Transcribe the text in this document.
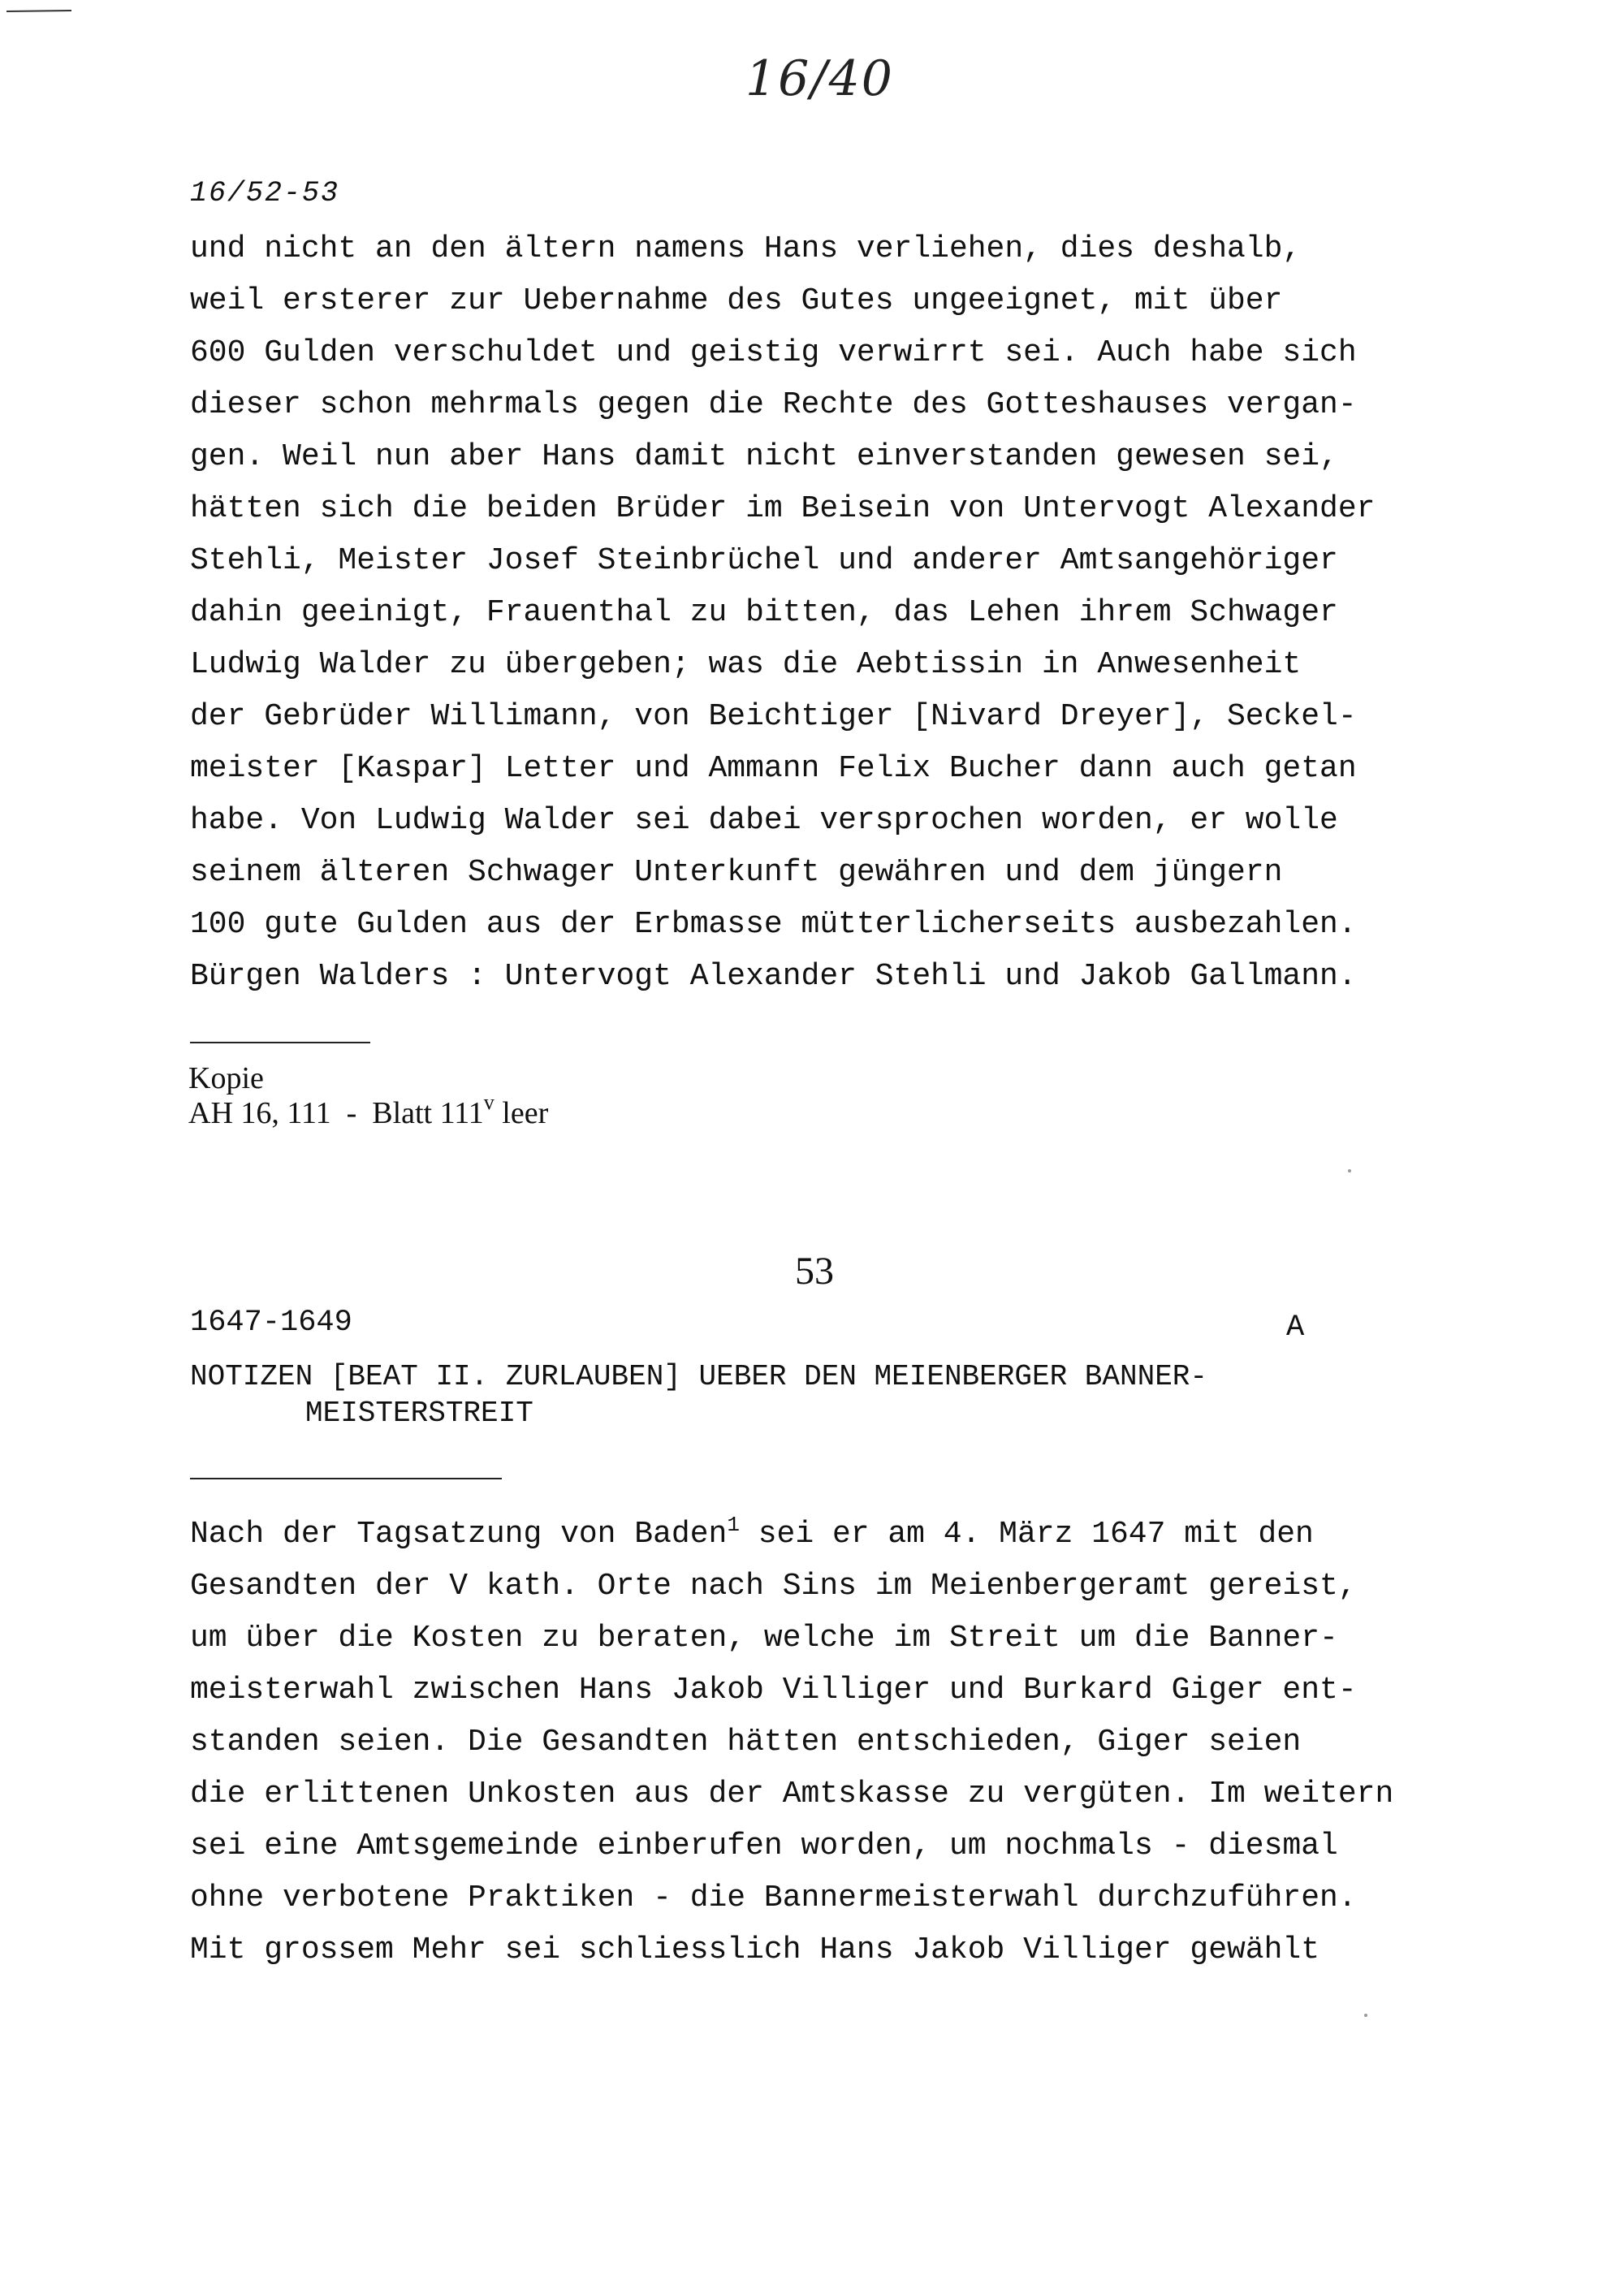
16/40
16/52-53
und nicht an den ältern namens Hans verliehen, dies deshalb,
weil ersterer zur Uebernahme des Gutes ungeeignet, mit über
600 Gulden verschuldet und geistig verwirrt sei. Auch habe sich
dieser schon mehrmals gegen die Rechte des Gotteshauses vergan-
gen. Weil nun aber Hans damit nicht einverstanden gewesen sei,
hätten sich die beiden Brüder im Beisein von Untervogt Alexander
Stehli, Meister Josef Steinbrüchel und anderer Amtsangehöriger
dahin geeinigt, Frauenthal zu bitten, das Lehen ihrem Schwager
Ludwig Walder zu übergeben; was die Aebtissin in Anwesenheit
der Gebrüder Willimann, von Beichtiger [Nivard Dreyer], Seckel-
meister [Kaspar] Letter und Ammann Felix Bucher dann auch getan
habe. Von Ludwig Walder sei dabei versprochen worden, er wolle
seinem älteren Schwager Unterkunft gewähren und dem jüngern
100 gute Gulden aus der Erbmasse mütterlicherseits ausbezahlen.
Bürgen Walders : Untervogt Alexander Stehli und Jakob Gallmann.
Kopie
AH 16, 111  -  Blatt 111$^v$ leer
53
1647-1649	A
NOTIZEN [BEAT II. ZURLAUBEN] UEBER DEN MEIENBERGER BANNER-
MEISTERSTREIT
Nach der Tagsatzung von Baden$^1$ sei er am 4. März 1647 mit den
Gesandten der V kath. Orte nach Sins im Meienbergeramt gereist,
um über die Kosten zu beraten, welche im Streit um die Banner-
meisterwahl zwischen Hans Jakob Villiger und Burkard Giger ent-
standen seien. Die Gesandten hätten entschieden, Giger seien
die erlittenen Unkosten aus der Amtskasse zu vergüten. Im weitern
sei eine Amtsgemeinde einberufen worden, um nochmals - diesmal
ohne verbotene Praktiken - die Bannermeisterwahl durchzuführen.
Mit grossem Mehr sei schliesslich Hans Jakob Villiger gewählt
